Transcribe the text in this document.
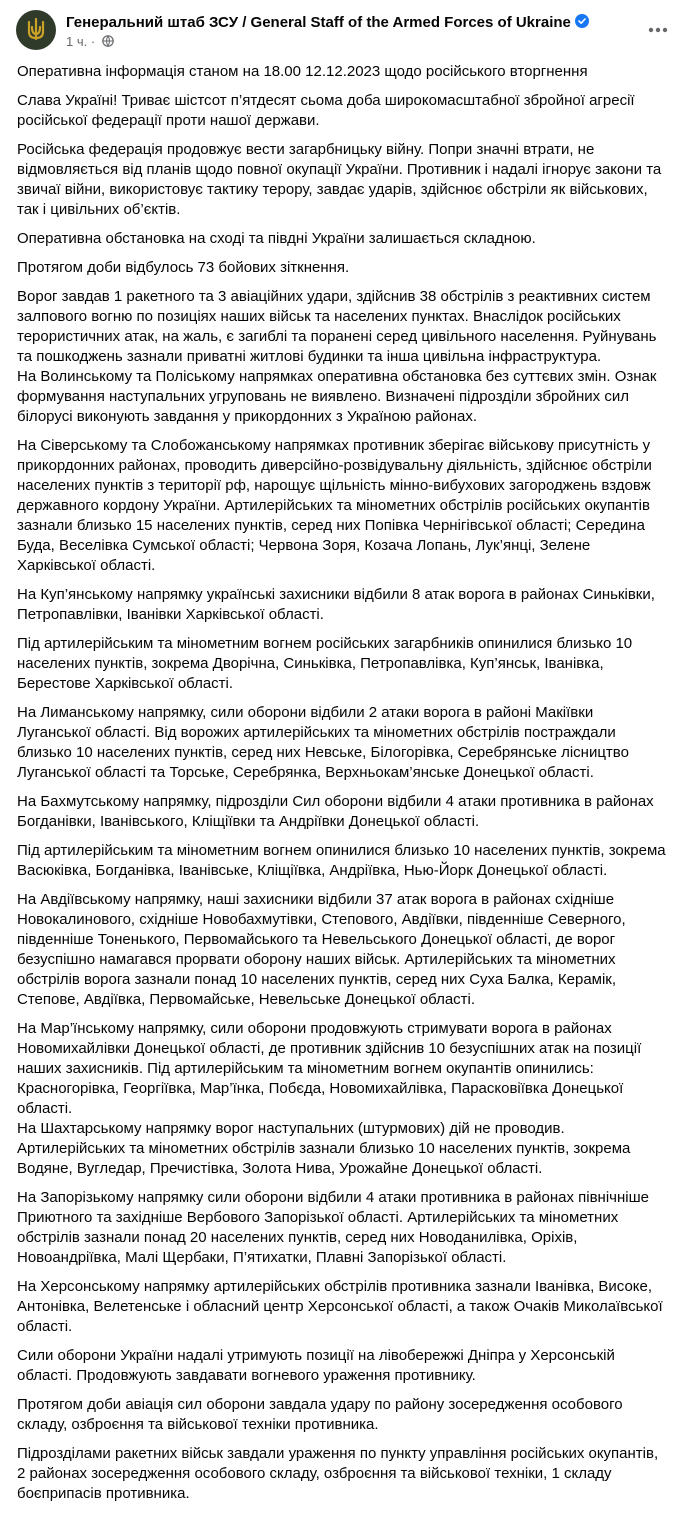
Генеральний штаб ЗСУ / General Staff of the Armed Forces of Ukraine
1 ч. ·

Оперативна інформація станом на 18.00 12.12.2023 щодо російського вторгнення

Слава Україні! Триває шістсот п’ятдесят сьома доба широкомасштабної збройної агресії російської федерації проти нашої держави.

Російська федерація продовжує вести загарбницьку війну. Попри значні втрати, не відмовляється від планів щодо повної окупації України. Противник і надалі ігнорує закони та звичаї війни, використовує тактику терору, завдає ударів, здійснює обстріли як військових, так і цивільних об’єктів.

Оперативна обстановка на сході та півдні України залишається складною.

Протягом доби відбулось 73 бойових зіткнення.

Ворог завдав 1 ракетного та 3 авіаційних удари, здійснив 38 обстрілів з реактивних систем залпового вогню по позиціях наших військ та населених пунктах. Внаслідок російських терористичних атак, на жаль, є загиблі та поранені серед цивільного населення. Руйнувань та пошкоджень зазнали приватні житлові будинки та інша цивільна інфраструктура.
На Волинському та Поліському напрямках оперативна обстановка без суттєвих змін. Ознак формування наступальних угруповань не виявлено. Визначені підрозділи збройних сил білорусі виконують завдання у прикордонних з Україною районах.

На Сіверському та Слобожанському напрямках противник зберігає військову присутність у прикордонних районах, проводить диверсійно-розвідувальну діяльність, здійснює обстріли населених пунктів з території рф, нарощує щільність мінно-вибухових загороджень вздовж державного кордону України. Артилерійських та мінометних обстрілів російських окупантів зазнали близько 15 населених пунктів, серед них Попівка Чернігівської області; Середина Буда, Веселівка Сумської області; Червона Зоря, Козача Лопань, Лук’янці, Зелене Харківської області.

На Куп’янському напрямку українські захисники відбили 8 атак ворога в районах Синьківки, Петропавлівки, Іванівки Харківської області.

Під артилерійським та мінометним вогнем російських загарбників опинилися близько 10 населених пунктів, зокрема Дворічна, Синьківка, Петропавлівка, Куп’янськ, Іванівка, Берестове Харківської області.

На Лиманському напрямку, сили оборони відбили 2 атаки ворога в районі Макіївки Луганської області. Від ворожих артилерійських та мінометних обстрілів постраждали близько 10 населених пунктів, серед них Невське, Білогорівка, Серебрянське лісництво Луганської області та Торське, Серебрянка, Верхньокам’янське Донецької області.

На Бахмутському напрямку, підрозділи Сил оборони відбили 4 атаки противника в районах Богданівки, Іванівського, Кліщіївки та Андріївки Донецької області.

Під артилерійським та мінометним вогнем опинилися близько 10 населених пунктів, зокрема Васюківка, Богданівка, Іванівське, Кліщіївка, Андріївка, Нью-Йорк Донецької області.

На Авдіївському напрямку, наші захисники відбили 37 атак ворога в районах східніше Новокалинового, східніше Новобахмутівки, Степового, Авдіївки, південніше Северного, південніше Тоненького, Первомайського та Невельського Донецької області, де ворог безуспішно намагався прорвати оборону наших військ. Артилерійських та мінометних обстрілів ворога зазнали понад 10 населених пунктів, серед них Суха Балка, Керамік, Степове, Авдіївка, Первомайське, Невельське Донецької області.

На Мар’їнському напрямку, сили оборони продовжують стримувати ворога в районах Новомихайлівки Донецької області, де противник здійснив 10 безуспішних атак на позиції наших захисників. Під артилерійським та мінометним вогнем окупантів опинились: Красногорівка, Георгіївка, Мар’їнка, Побєда, Новомихайлівка, Парасковіївка Донецької області.
На Шахтарському напрямку ворог наступальних (штурмових) дій не проводив. Артилерійських та мінометних обстрілів зазнали близько 10 населених пунктів, зокрема Водяне, Вугледар, Пречистівка, Золота Нива, Урожайне Донецької області.

На Запорізькому напрямку сили оборони відбили 4 атаки противника в районах північніше Приютного та західніше Вербового Запорізької області. Артилерійських та мінометних обстрілів зазнали понад 20 населених пунктів, серед них Новоданилівка, Оріхів, Новоандріївка, Малі Щербаки, П’ятихатки, Плавні Запорізької області.

На Херсонському напрямку артилерійських обстрілів противника зазнали Іванівка, Високе, Антонівка, Велетенське і обласний центр Херсонської області, а також Очаків Миколаївської області.

Сили оборони України надалі утримують позиції на лівобережжі Дніпра у Херсонській області. Продовжують завдавати вогневого ураження противнику.

Протягом доби авіація сил оборони завдала удару по району зосередження особового складу, озброєння та військової техніки противника.

Підрозділами ракетних військ завдали ураження по пункту управління російських окупантів, 2 районах зосередження особового складу, озброєння та військової техніки, 1 складу боєприпасів противника.
